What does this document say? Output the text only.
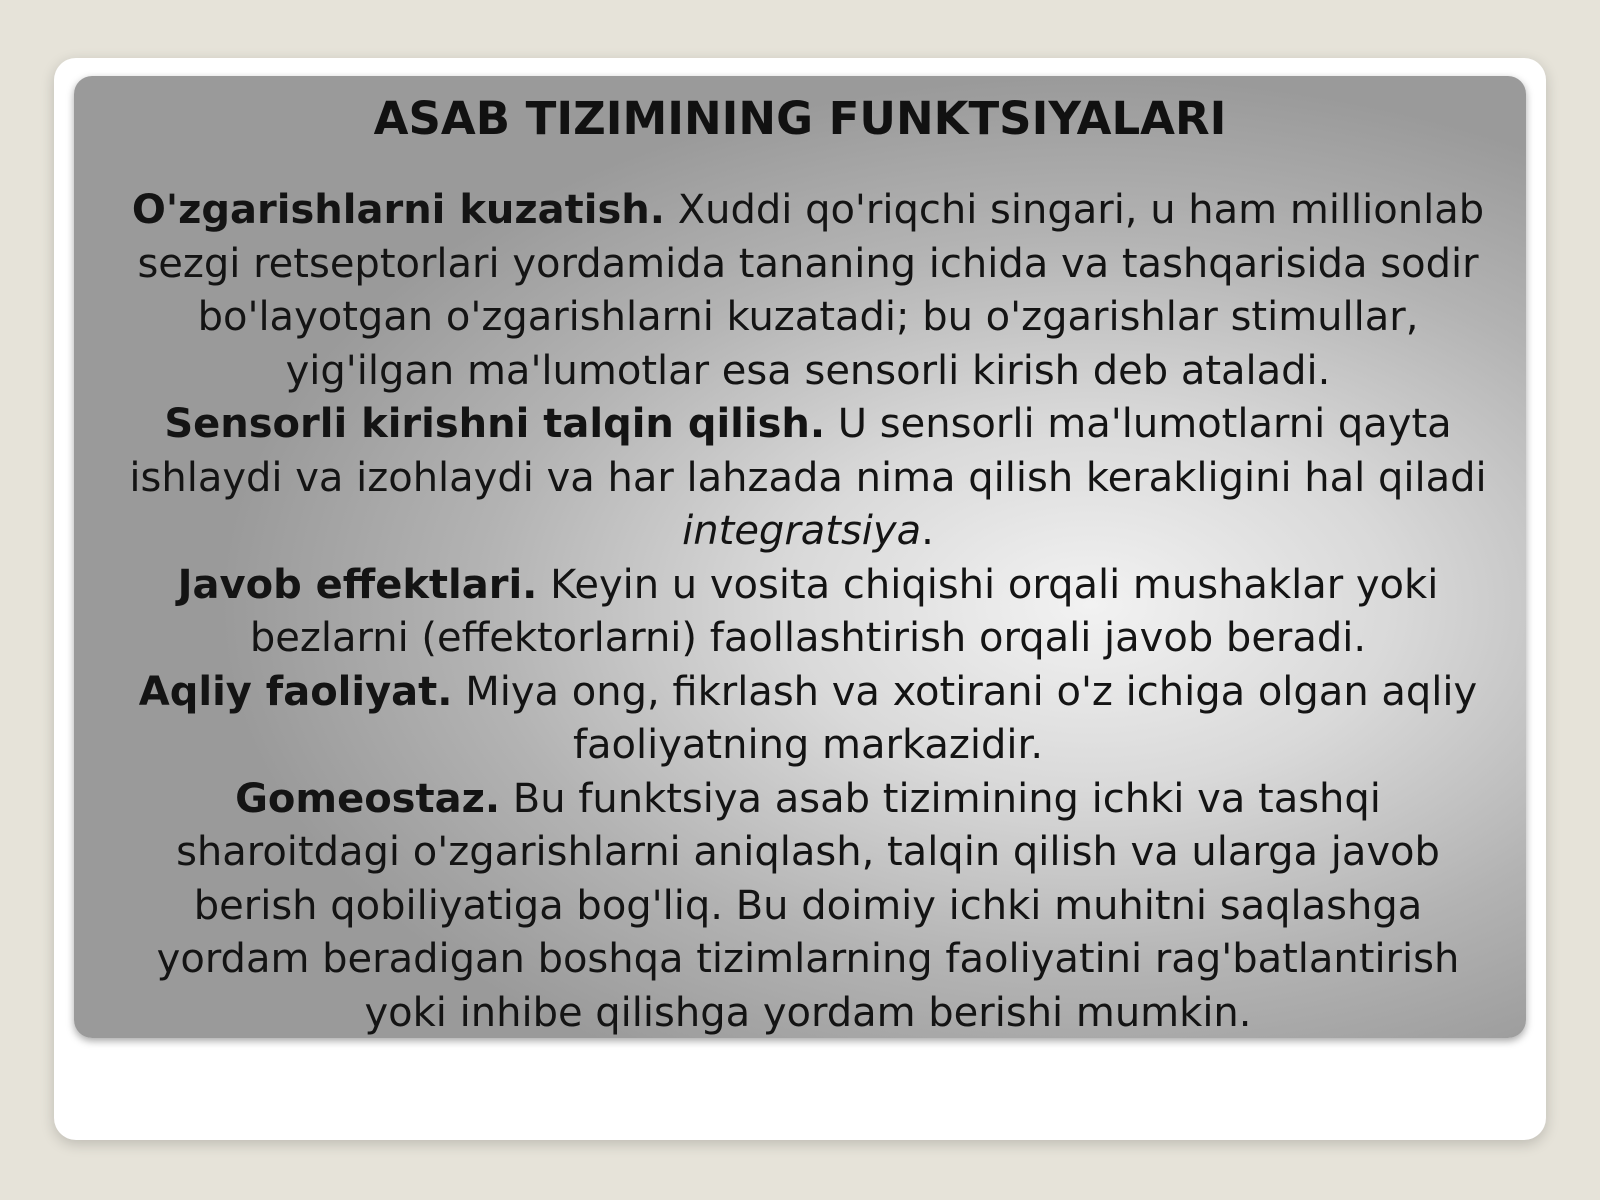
ASAB TIZIMINING FUNKTSIYALARI

O'zgarishlarni kuzatish. Xuddi qo'riqchi singari, u ham millionlab sezgi retseptorlari yordamida tananing ichida va tashqarisida sodir bo'layotgan o'zgarishlarni kuzatadi; bu o'zgarishlar stimullar, yig'ilgan ma'lumotlar esa sensorli kirish deb ataladi.

Sensorli kirishni talqin qilish. U sensorli ma'lumotlarni qayta ishlaydi va izohlaydi va har lahzada nima qilish kerakligini hal qiladi integratsiya.

Javob effektlari. Keyin u vosita chiqishi orqali mushaklar yoki bezlarni (effektorlarni) faollashtirish orqali javob beradi.

Aqliy faoliyat. Miya ong, fikrlash va xotirani o'z ichiga olgan aqliy faoliyatning markazidir.

Gomeostaz. Bu funktsiya asab tizimining ichki va tashqi sharoitdagi o'zgarishlarni aniqlash, talqin qilish va ularga javob berish qobiliyatiga bog'liq. Bu doimiy ichki muhitni saqlashga yordam beradigan boshqa tizimlarning faoliyatini rag'batlantirish yoki inhibe qilishga yordam berishi mumkin.
